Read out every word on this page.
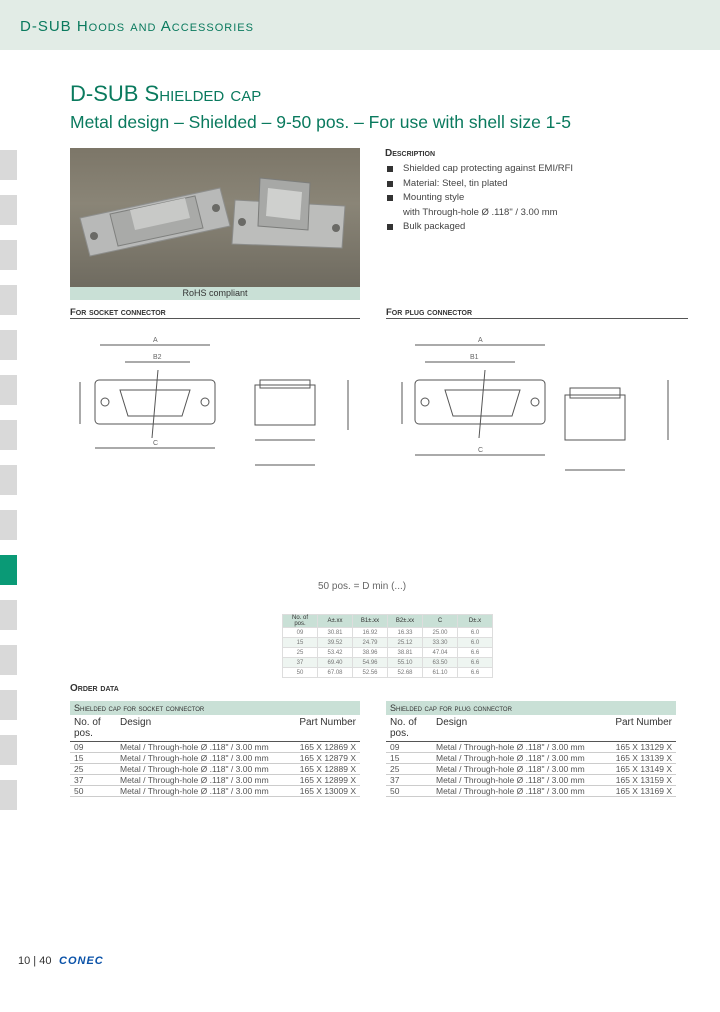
D-SUB Hoods and Accessories
D-SUB Shielded cap
Metal design – Shielded – 9-50 pos. – For use with shell size 1-5
RoHS compliant
Description
Shielded cap protecting against EMI/RFI
Material: Steel, tin plated
Mounting style
with Through-hole Ø .118" / 3.00 mm
Bulk packaged
For socket connector	For plug connector
A
B2
C
A
B1
C
50 pos. = D min (...)
No. of pos.	A±.xx	B1±.xx	B2±.xx	C	D±.x
09	30.81	16.92	16.33	25.00	6.0
15	39.52	24.79	25.12	33.30	6.0
25	53.42	38.96	38.81	47.04	6.6
37	69.40	54.96	55.10	63.50	6.6
50	67.08	52.56	52.68	61.10	6.6
Order data
Shielded cap for socket connector
No. of pos.
Design	Part Number
09	Metal / Through-hole Ø .118" / 3.00 mm	165 X 12869 X
15	Metal / Through-hole Ø .118" / 3.00 mm	165 X 12879 X
25	Metal / Through-hole Ø .118" / 3.00 mm	165 X 12889 X
37	Metal / Through-hole Ø .118" / 3.00 mm	165 X 12899 X
50	Metal / Through-hole Ø .118" / 3.00 mm	165 X 13009 X
Shielded cap for plug connector
No. of pos.
Design	Part Number
09	Metal / Through-hole Ø .118" / 3.00 mm	165 X 13129 X
15	Metal / Through-hole Ø .118" / 3.00 mm	165 X 13139 X
25	Metal / Through-hole Ø .118" / 3.00 mm	165 X 13149 X
37	Metal / Through-hole Ø .118" / 3.00 mm	165 X 13159 X
50	Metal / Through-hole Ø .118" / 3.00 mm	165 X 13169 X
10 | 40 CONEC
